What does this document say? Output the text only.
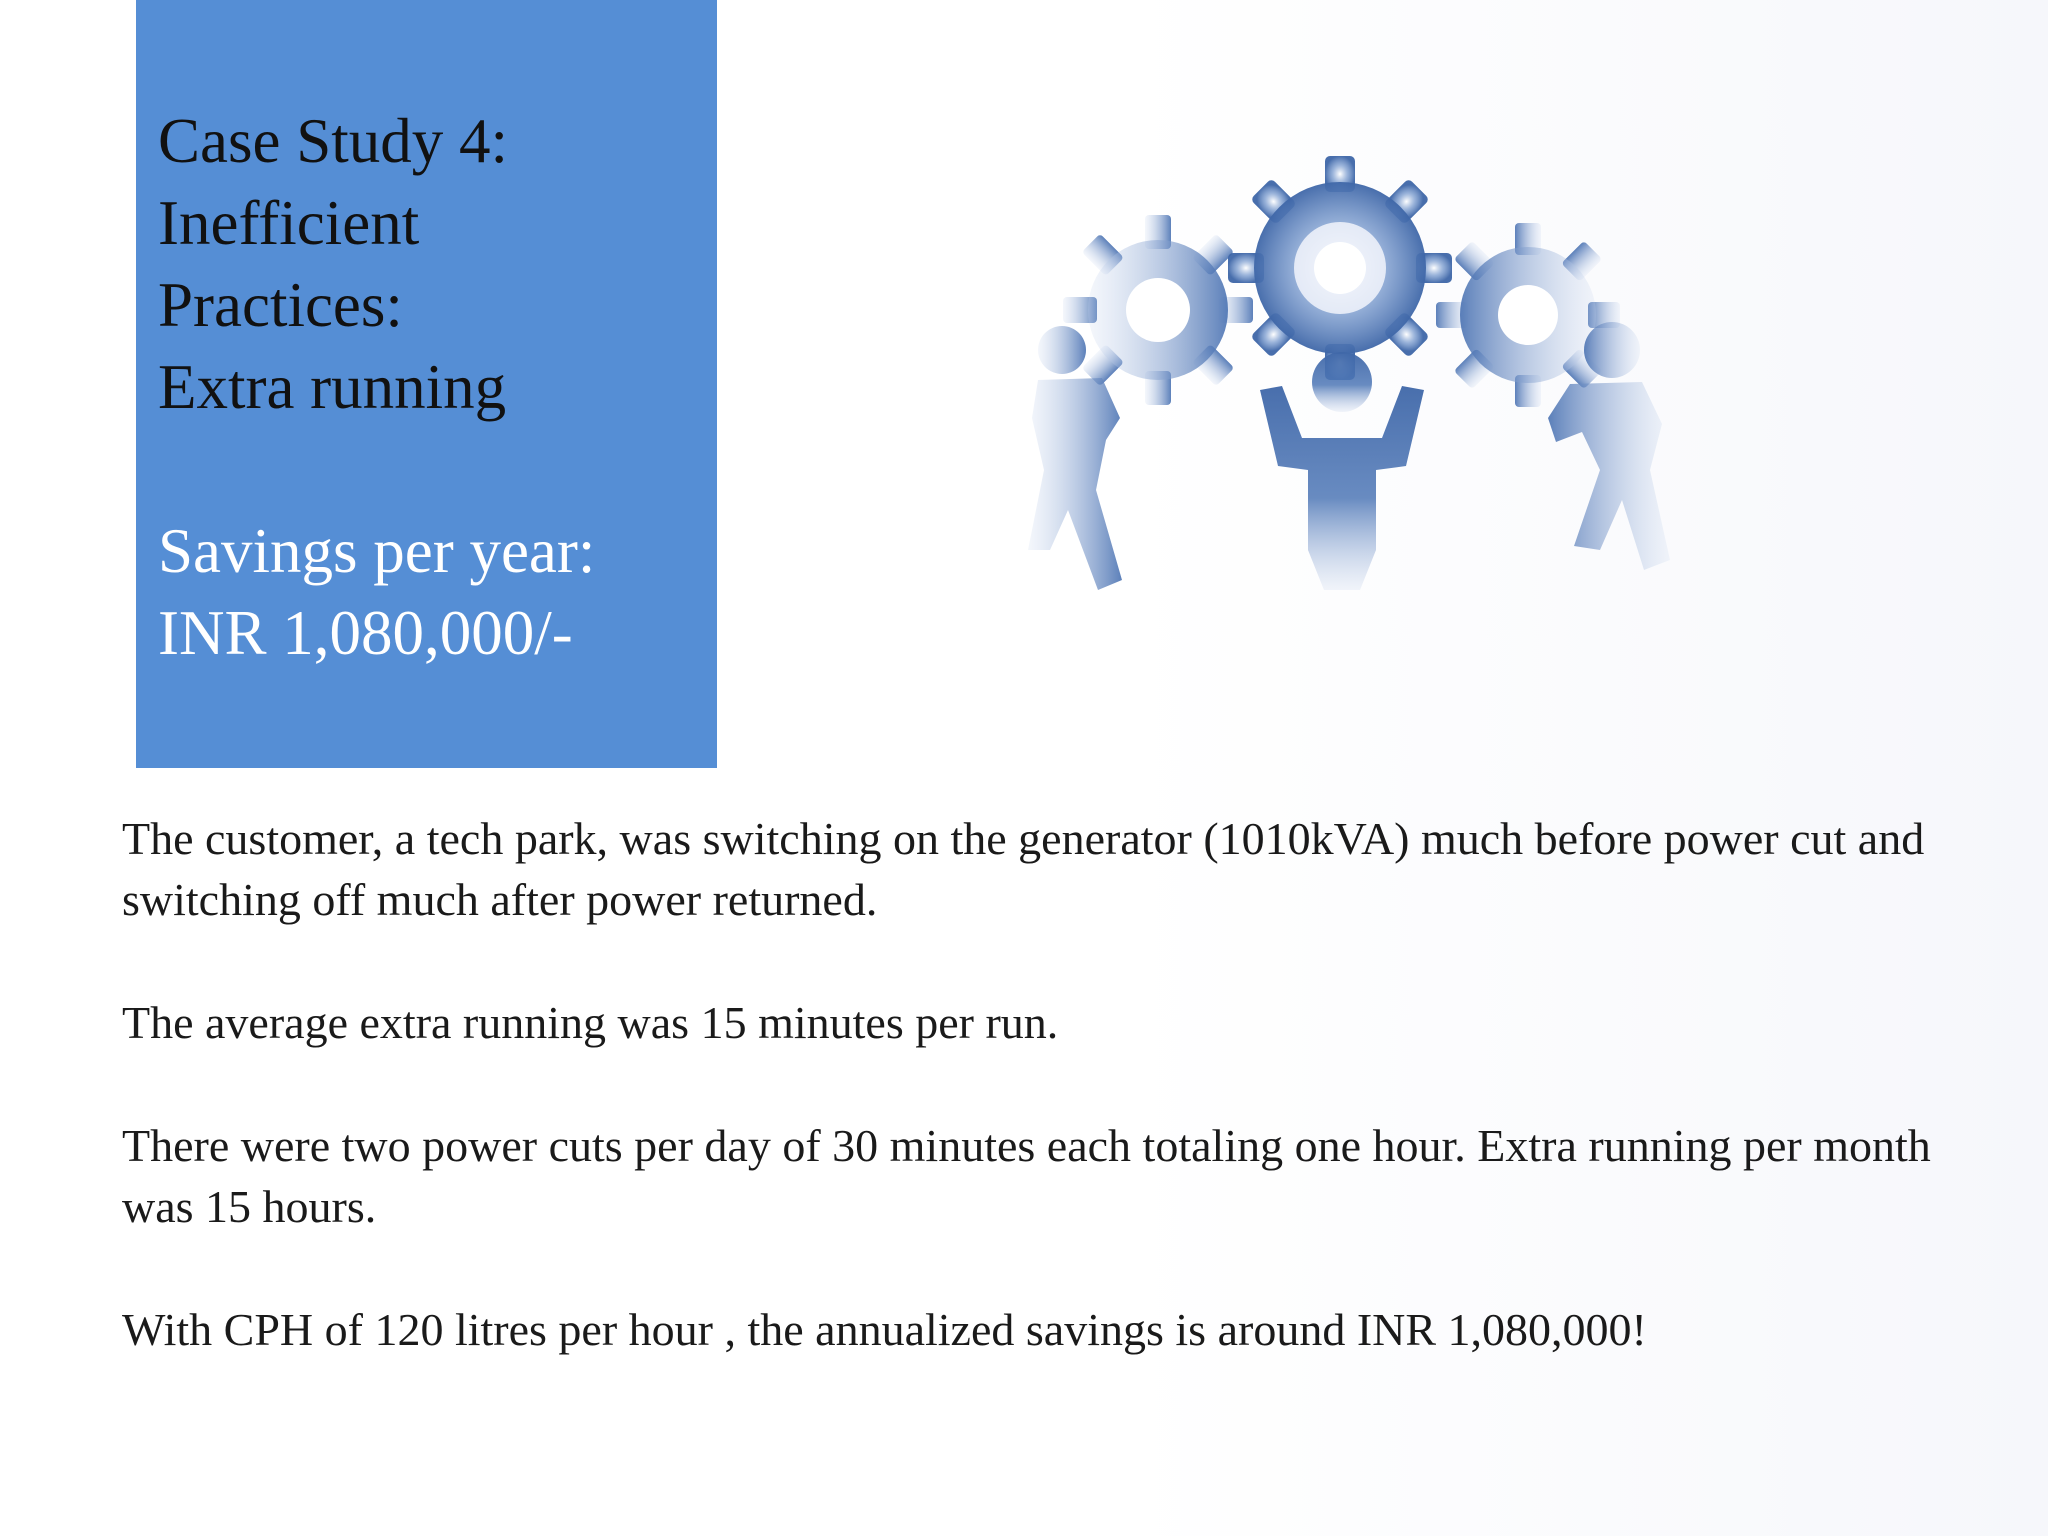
Case Study 4:
Inefficient
Practices:
Extra running
Savings per year:
INR 1,080,000/-

The customer, a tech park, was switching on the generator (1010kVA) much before power cut and switching off much after power returned.

The average extra running was 15 minutes per run.

There were two power cuts per day of 30 minutes each totaling one hour. Extra running per month was 15 hours.

With CPH of 120 litres per hour , the annualized savings is around INR 1,080,000!
